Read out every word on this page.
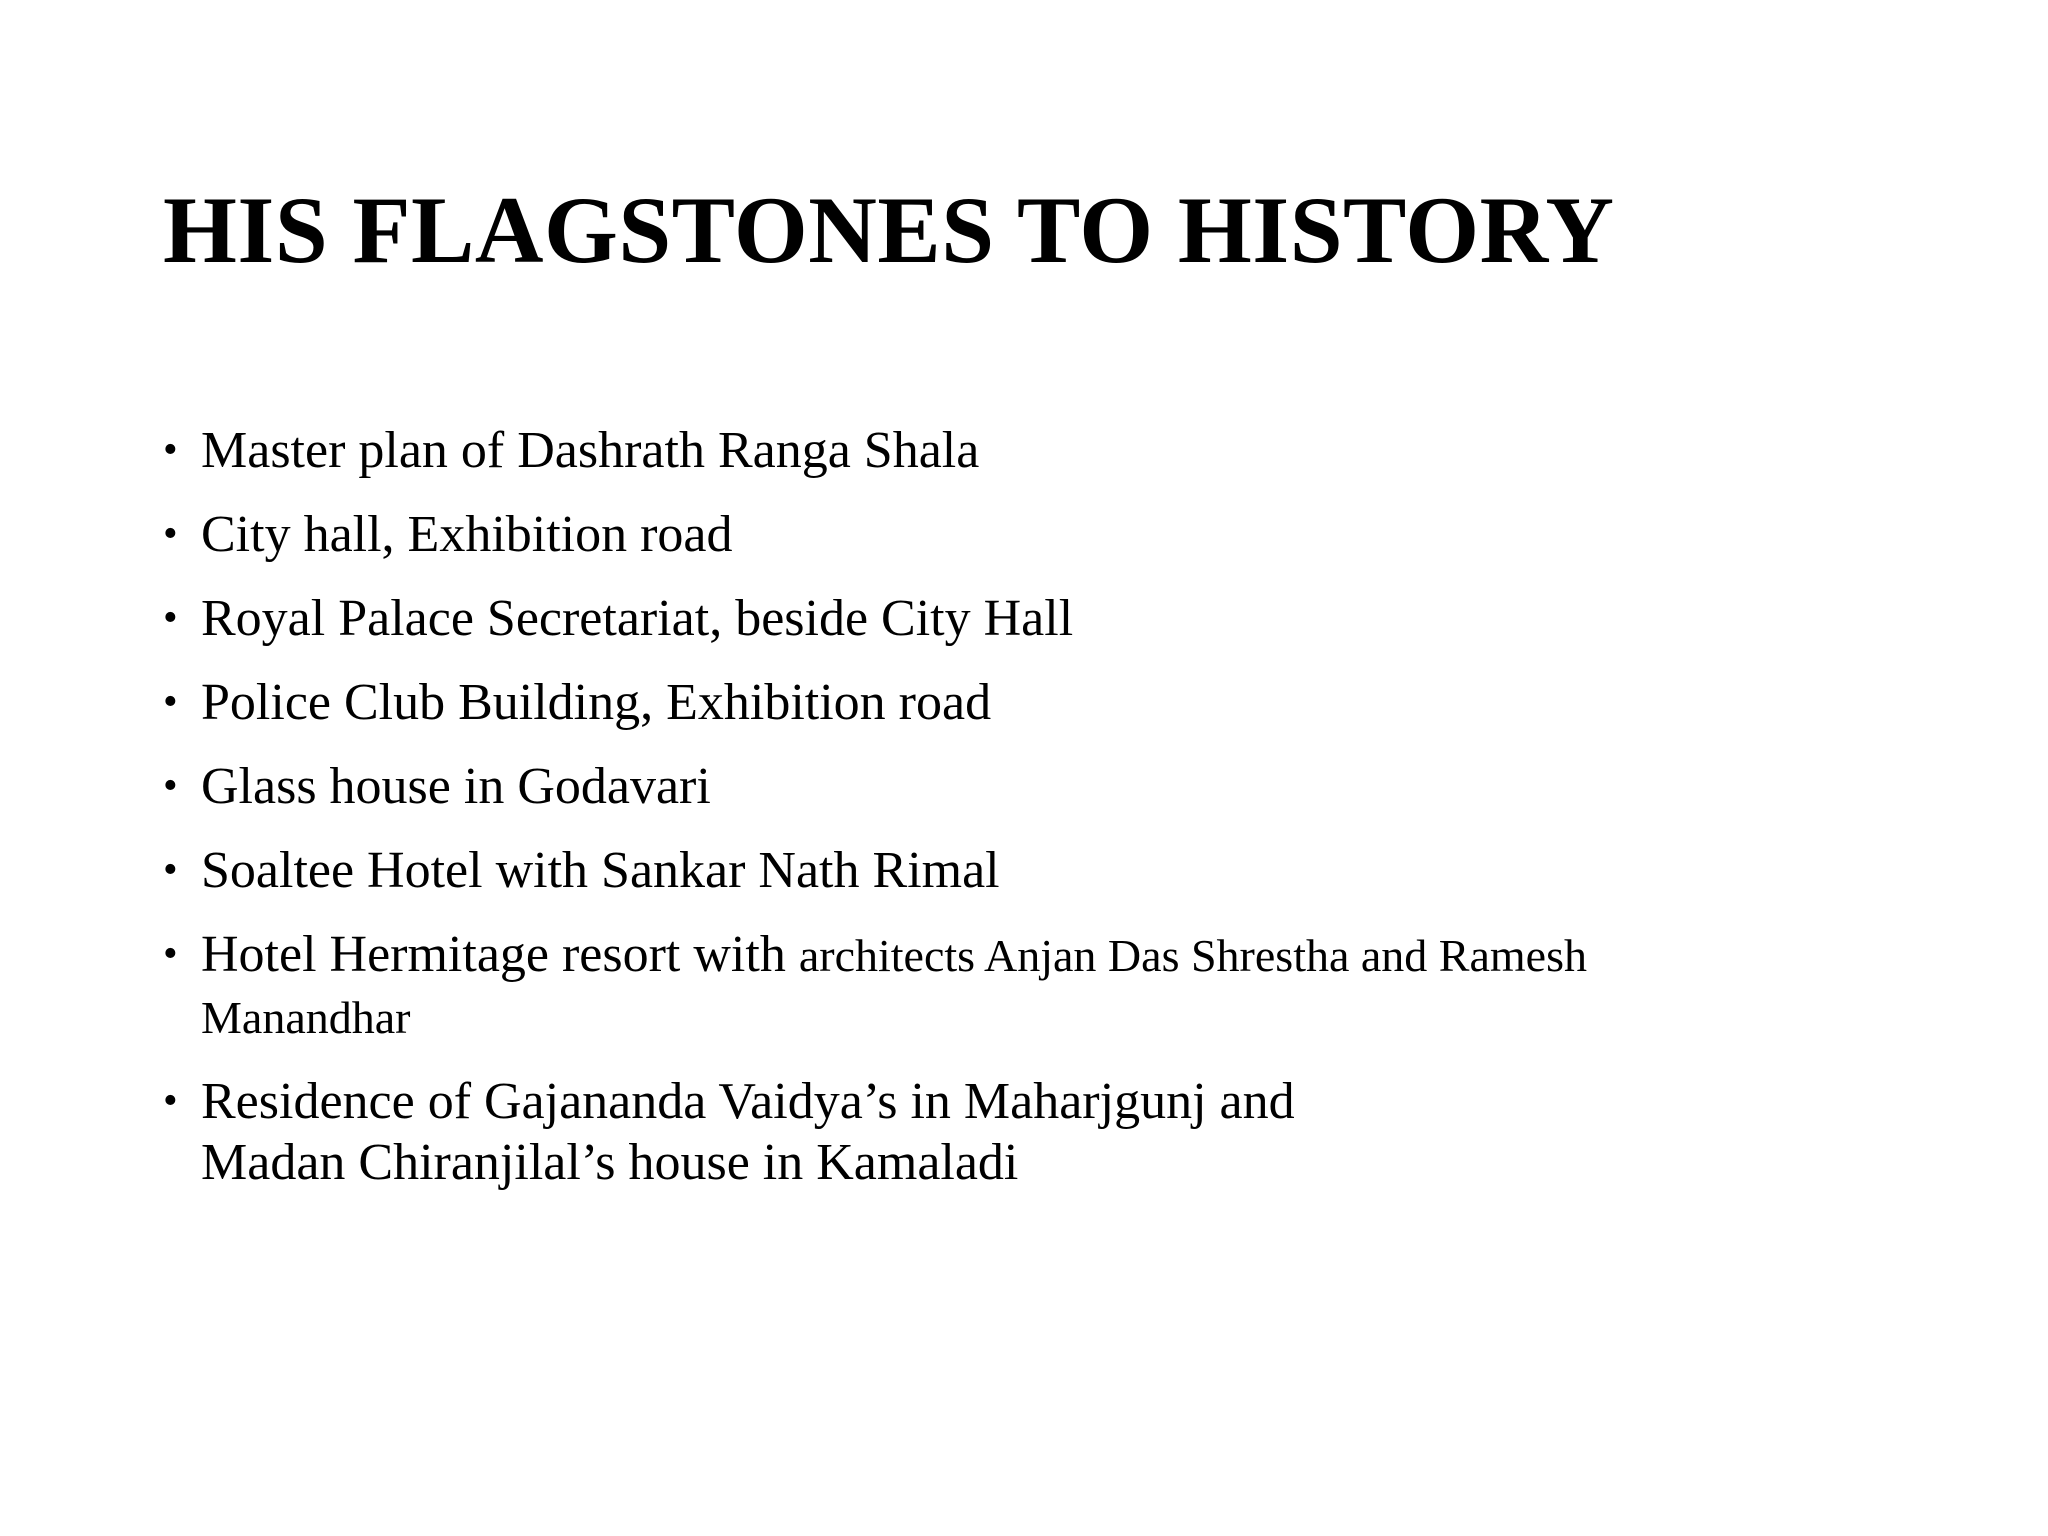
HIS FLAGSTONES TO HISTORY
• Master plan of Dashrath Ranga Shala
• City hall, Exhibition road
• Royal Palace Secretariat, beside City Hall
• Police Club Building, Exhibition road
• Glass house in Godavari
• Soaltee Hotel with Sankar Nath Rimal
• Hotel Hermitage resort with architects Anjan Das Shrestha and Ramesh Manandhar
• Residence of Gajananda Vaidya’s in Maharjgunj and
Madan Chiranjilal’s house in Kamaladi
